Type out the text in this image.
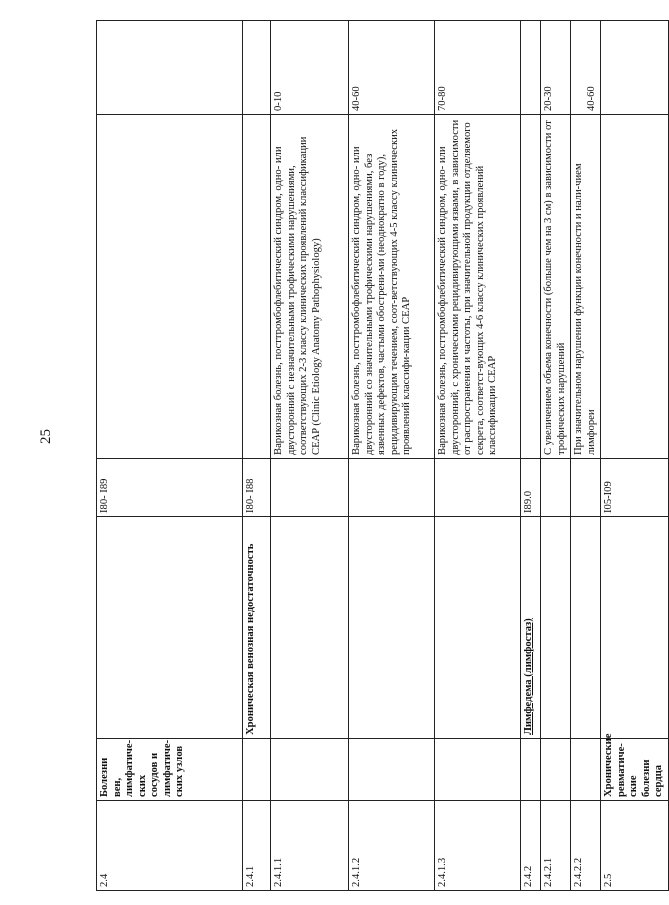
25
2.4	Болезни вен, лимфатиче-ских сосудов и лимфатиче-ских узлов		I80- I89		
2.4.1		Хроническая венозная недостаточность	I80- I88		
2.4.1.1				Варикозная болезнь, посттромбофлебитический синдром, одно- или двусторонний с незначительными трофическими нарушениями, соответствующих 2-3 классу клинических проявлений классификации CEAP (Clinic Etiology Anatomy Pathophysiology)	0-10
2.4.1.2				Варикозная болезнь, посттромбофлебитический синдром, одно- или двусторонний со значительными трофическими нарушениями, без язвенных дефектов, частыми обострени-ми (неоднократно в году), рецидивирующим течением, соот-ветствующих 4-5 классу клинических проявлений классифи-кации CEAP	40-60
2.4.1.3				Варикозная болезнь, посттромбофлебитический синдром, одно- или двусторонний, с хроническими рецидивирующими язвами, в зависимости от распространения и частоты, при значительной продукции отделяемого секрета, соответст-вующих 4-6 классу клинических проявлений классификации CEAP	70-80
2.4.2		Лимфедема (лимфостаз)	I89.0		
2.4.2.1				С увеличением объема конечности (больше чем на 3 см) в зависимости от трофических нарушений	20-30
2.4.2.2				При значительном нарушении функции конечности и нали-чием лимфореи	40-60
2.5	Хронические ревматиче-ские болезни сердца		I05-I09		
